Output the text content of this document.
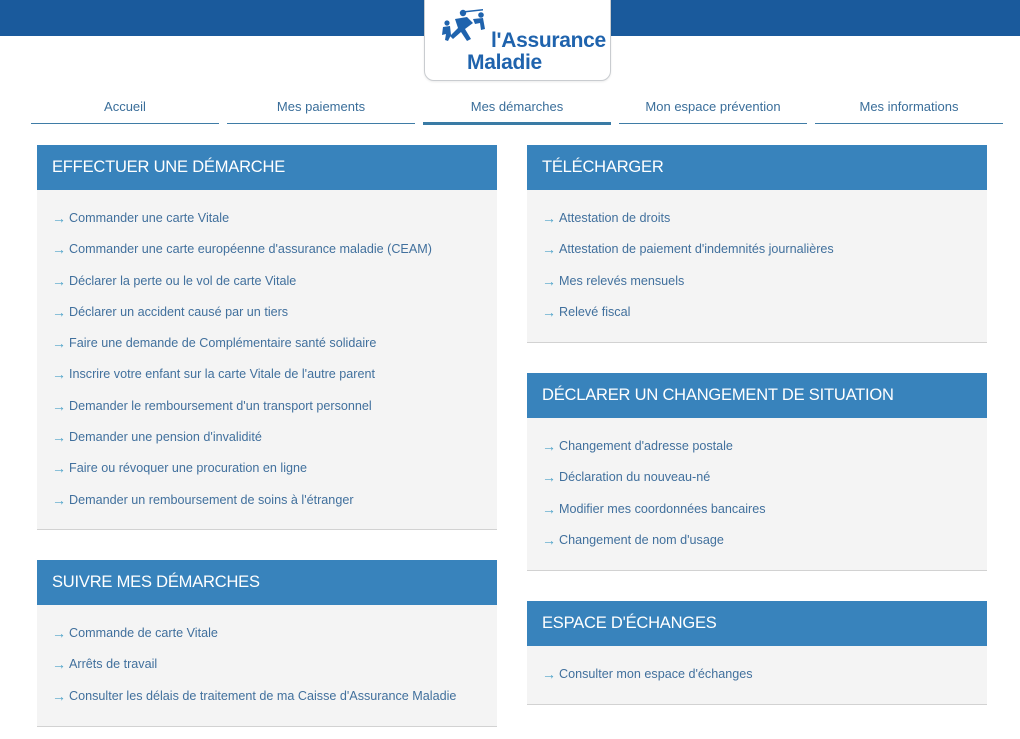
l'Assurance
Maladie
Accueil	Mes paiements	Mes démarches	Mon espace prévention	Mes informations
EFFECTUER UNE DÉMARCHE
→ Commander une carte Vitale
→ Commander une carte européenne d'assurance maladie (CEAM)
→ Déclarer la perte ou le vol de carte Vitale
→ Déclarer un accident causé par un tiers
→ Faire une demande de Complémentaire santé solidaire
→ Inscrire votre enfant sur la carte Vitale de l'autre parent
→ Demander le remboursement d'un transport personnel
→ Demander une pension d'invalidité
→ Faire ou révoquer une procuration en ligne
→ Demander un remboursement de soins à l'étranger
SUIVRE MES DÉMARCHES
→ Commande de carte Vitale
→ Arrêts de travail
→ Consulter les délais de traitement de ma Caisse d'Assurance Maladie
TÉLÉCHARGER
→ Attestation de droits
→ Attestation de paiement d'indemnités journalières
→ Mes relevés mensuels
→ Relevé fiscal
DÉCLARER UN CHANGEMENT DE SITUATION
→ Changement d'adresse postale
→ Déclaration du nouveau-né
→ Modifier mes coordonnées bancaires
→ Changement de nom d'usage
ESPACE D'ÉCHANGES
→ Consulter mon espace d'échanges
